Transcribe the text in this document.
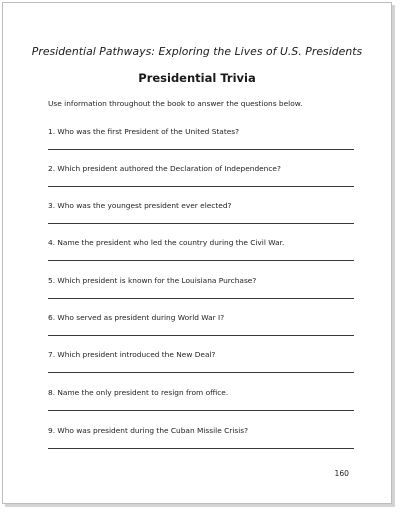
Presidential Pathways: Exploring the Lives of U.S. Presidents
Presidential Trivia
Use information throughout the book to answer the questions below.
1. Who was the first President of the United States?
2. Which president authored the Declaration of Independence?
3. Who was the youngest president ever elected?
4. Name the president who led the country during the Civil War.
5. Which president is known for the Louisiana Purchase?
6. Who served as president during World War I?
7. Which president introduced the New Deal?
8. Name the only president to resign from office.
9. Who was president during the Cuban Missile Crisis?
160
